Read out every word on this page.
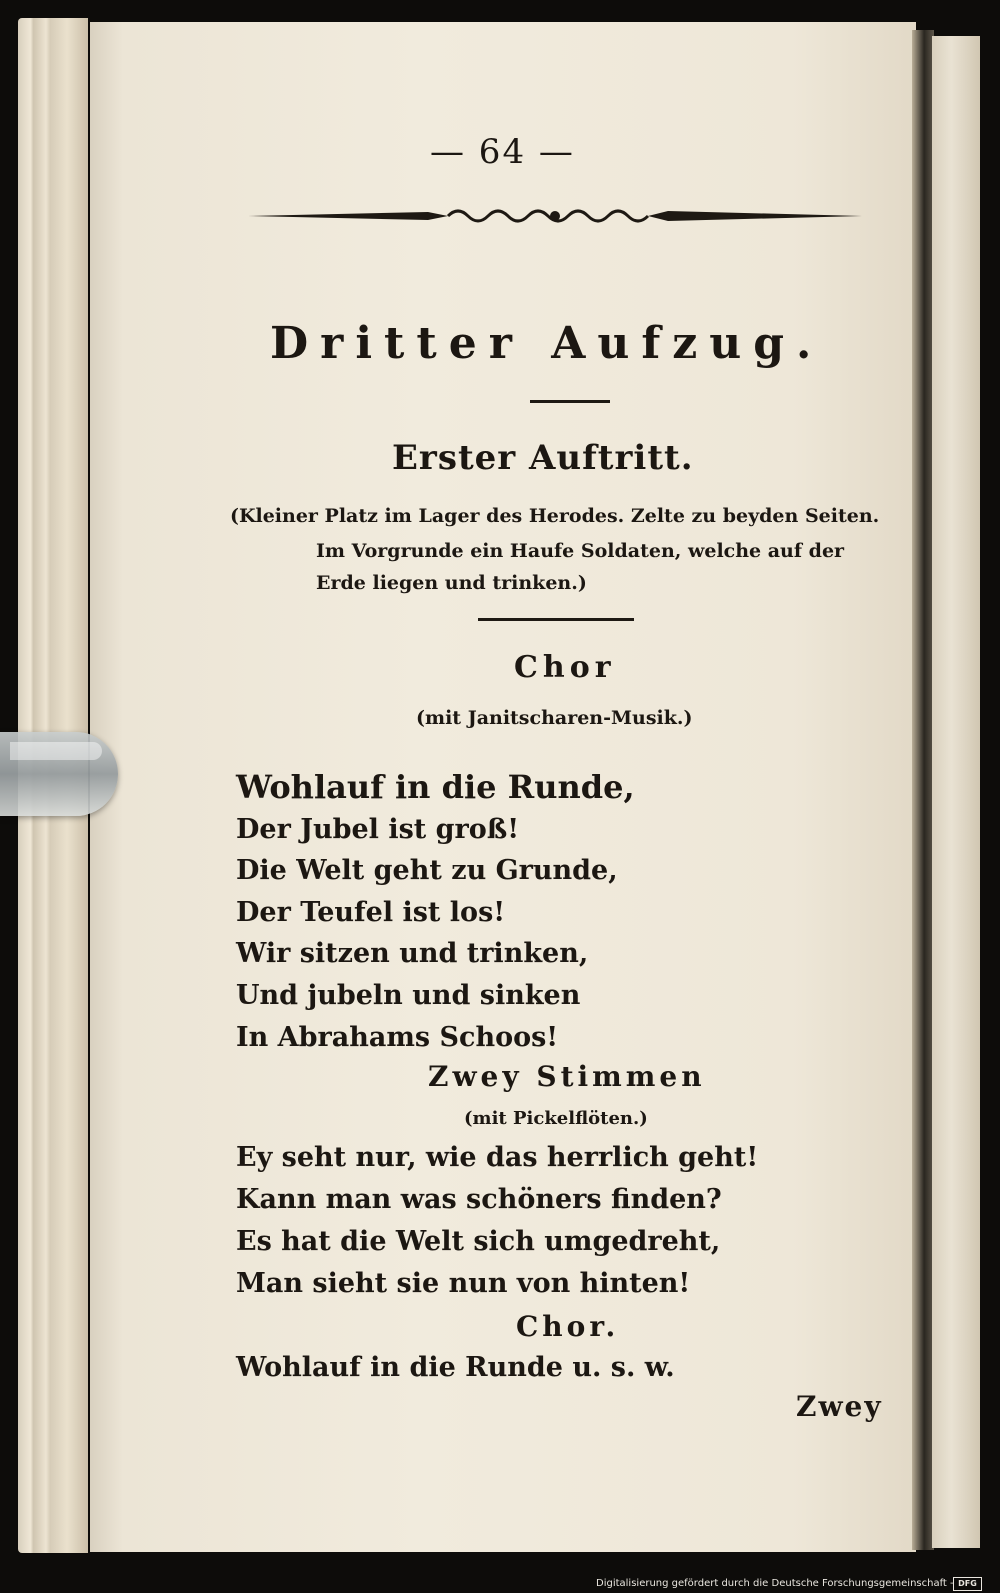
— 64 —
Dritter Aufzug.
Erster Auftritt.
(Kleiner Platz im Lager des Herodes. Zelte zu beyden Seiten.
Im Vorgrunde ein Haufe Soldaten, welche auf der
Erde liegen und trinken.)
Chor
(mit Janitscharen-Musik.)
Wohlauf in die Runde,
Der Jubel ist groß!
Die Welt geht zu Grunde,
Der Teufel ist los!
Wir sitzen und trinken,
Und jubeln und sinken
In Abrahams Schoos!
Zwey Stimmen
(mit Pickelflöten.)
Ey seht nur, wie das herrlich geht!
Kann man was schöners finden?
Es hat die Welt sich umgedreht,
Man sieht sie nun von hinten!
Chor.
Wohlauf in die Runde u. s. w.
Zwey
Digitalisierung gefördert durch die Deutsche Forschungsgemeinschaft - DFG
